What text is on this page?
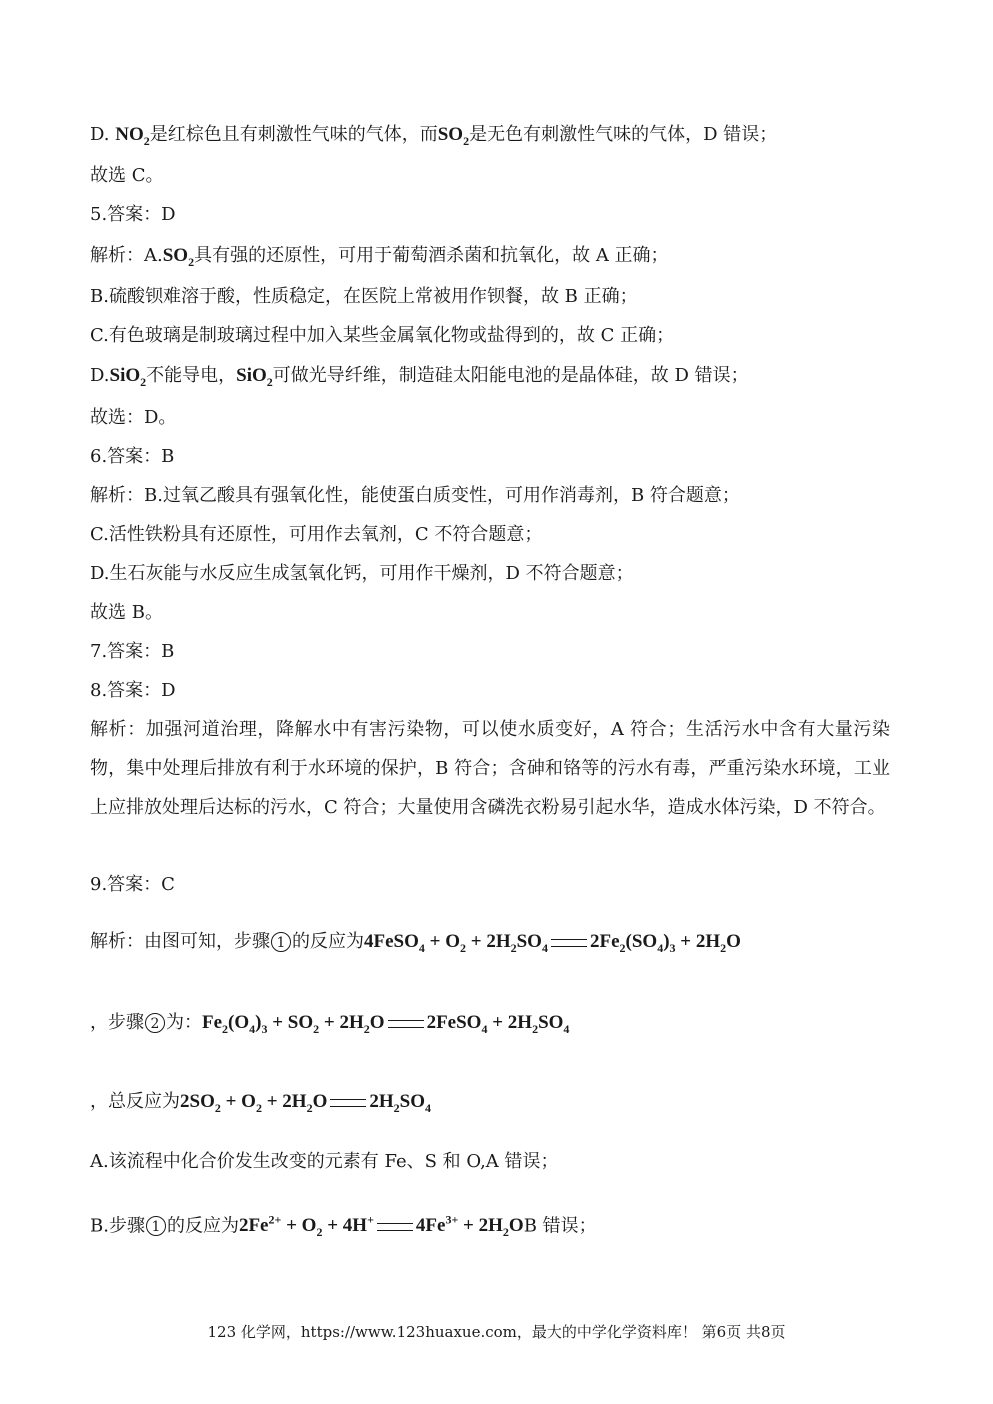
D. $NO_2$是红棕色且有刺激性气味的气体，而$SO_2$是无色有刺激性气味的气体，D 错误；
故选 C。
5.答案：D
解析：$A.SO_2$具有强的还原性，可用于葡萄酒杀菌和抗氧化，故 A 正确；
B.硫酸钡难溶于酸，性质稳定，在医院上常被用作钡餐，故 B 正确；
C.有色玻璃是制玻璃过程中加入某些金属氧化物或盐得到的，故 C 正确；
D.SiO$_2$不能导电，SiO$_2$可做光导纤维，制造硅太阳能电池的是晶体硅，故 D 错误；
故选：D。
6.答案：B
解析：B.过氧乙酸具有强氧化性，能使蛋白质变性，可用作消毒剂，B 符合题意；
C.活性铁粉具有还原性，可用作去氧剂，C 不符合题意；
D.生石灰能与水反应生成氢氧化钙，可用作干燥剂，D 不符合题意；
故选 B。
7.答案：B
8.答案：D
解析：加强河道治理，降解水中有害污染物，可以使水质变好，A 符合；生活污水中含有大量污染物，集中处理后排放有利于水环境的保护，B 符合；含砷和铬等的污水有毒，严重污染水环境，工业上应排放处理后达标的污水，C 符合；大量使用含磷洗衣粉易引起水华，造成水体污染，D 不符合。
9.答案：C
解析：由图可知，步骤 1 的反应为4FeSO$_4$ + $O_2 + 2H_2SO_4$ $2Fe_2(SO_4)_3 + 2H_2O$
，步骤 2 为：$Fe_2(O_4)_3 + SO_2 + 2H_2O$ 2FeSO$_4$ + $2H_2SO_4$
，总反应为$2SO_2 + O_2 + 2H_2O$ $2H_2SO_4$
A.该流程中化合价发生改变的元素有 Fe、S 和 O,A 错误；
B.步骤 1 的反应为$2Fe^{2+} + O_2 + 4H^+$ $4Fe^{3+} + 2H_2OB$ 错误；
123 化学网，https://www.123huaxue.com，最大的中学化学资料库！ 第6页 共8页
